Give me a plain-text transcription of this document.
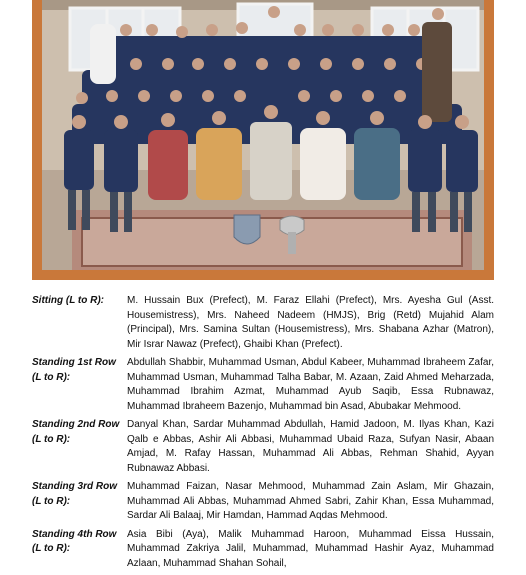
Sitting (L to R):	M. Hussain Bux (Prefect), M. Faraz Ellahi (Prefect), Mrs. Ayesha Gul (Asst. Housemistress), Mrs. Naheed Nadeem (HMJS), Brig (Retd) Mujahid Alam (Principal), Mrs. Samina Sultan (Housemistress), Mrs. Shabana Azhar (Matron), Mir Israr Nawaz (Prefect), Ghaibi Khan (Prefect).
Standing 1st Row
(L to R):
Abdullah Shabbir, Muhammad Usman, Abdul Kabeer, Muhammad Ibraheem Zafar, Muhammad Usman, Muhammad Talha Babar, M. Azaan, Zaid Ahmed Meharzada, Muhammad Ibrahim Azmat, Muhammad Ayub Saqib, Essa Rubnawaz, Muhammad Ibraheem Bazenjo, Muhammad bin Asad, Abubakar Mehmood.
Standing 2nd Row
(L to R):
Danyal Khan, Sardar Muhammad Abdullah, Hamid Jadoon, M. Ilyas Khan, Kazi Qalb e Abbas, Ashir Ali Abbasi, Muhammad Ubaid Raza, Sufyan Nasir, Abaan Amjad, M. Rafay Hassan, Muhammad Ali Abbas, Rehman Shahid, Ayyan Rubnawaz Abbasi.
Standing 3rd Row
(L to R):
Muhammad Faizan, Nasar Mehmood, Muhammad Zain Aslam, Mir Ghazain, Muhammad Ali Abbas, Muhammad Ahmed Sabri, Zahir Khan, Essa Muhammad, Sardar Ali Balaaj, Mir Hamdan, Hammad Aqdas Mehmood.
Standing 4th Row
(L to R):
Asia Bibi (Aya), Malik Muhammad Haroon, Muhammad Eissa Hussain, Muhammad Zakriya Jalil, Muhammad, Muhammad Hashir Ayaz, Muhammad Azlaan, Muhammad Shahan Sohail,
